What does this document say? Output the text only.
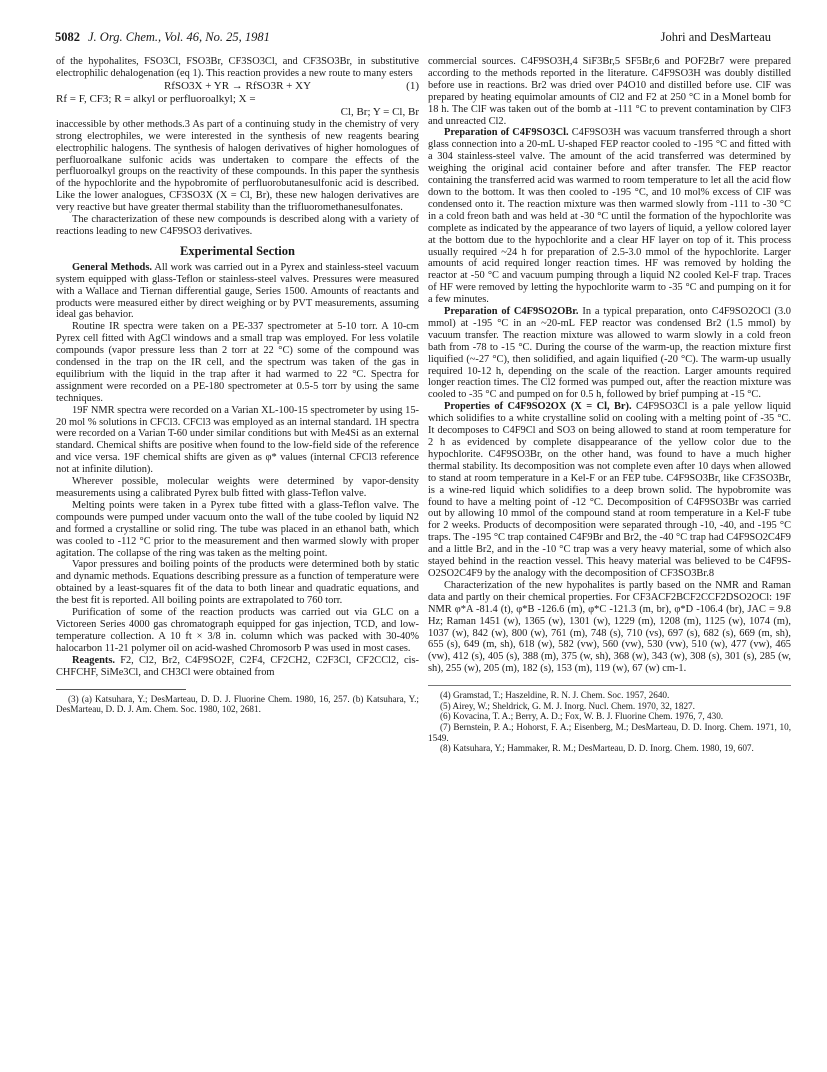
5082 J. Org. Chem., Vol. 46, No. 25, 1981	Johri and DesMarteau

of the hypohalites, FSO3Cl, FSO3Br, CF3SO3Cl, and CF3SO3Br, in substitutive electrophilic dehalogenation (eq 1). This reaction provides a new route to many esters

RfSO3X + YR → RfSO3R + XY	(1)

Rf = F, CF3; R = alkyl or perfluoroalkyl; X =

Cl, Br; Y = Cl, Br

inaccessible by other methods.3 As part of a continuing study in the chemistry of very strong electrophiles, we were interested in the synthesis of new reagents bearing electrophilic halogens. The synthesis of halogen derivatives of higher homologues of perfluoroalkane sulfonic acids was undertaken to compare the effects of the perfluoroalkyl groups on the reactivity of these compounds. In this paper the synthesis of the hypochlorite and the hypobromite of perfluorobutanesulfonic acid is described. Like the lower analogues, CF3SO3X (X = Cl, Br), these new halogen derivatives are very reactive but have greater thermal stability than the trifluoromethanesulfonates.

The characterization of these new compounds is described along with a variety of reactions leading to new C4F9SO3 derivatives.

Experimental Section

General Methods. All work was carried out in a Pyrex and stainless-steel vacuum system equipped with glass-Teflon or stainless-steel valves. Pressures were measured with a Wallace and Tiernan differential gauge, Series 1500. Amounts of reactants and products were measured either by direct weighing or by PVT measurements, assuming ideal gas behavior.

Routine IR spectra were taken on a PE-337 spectrometer at 5-10 torr. A 10-cm Pyrex cell fitted with AgCl windows and a small trap was employed. For less volatile compounds (vapor pressure less than 2 torr at 22 °C) some of the compound was condensed in the trap on the IR cell, and the spectrum was taken of the gas in equilibrium with the liquid in the trap after it had warmed to 22 °C. Spectra for assignment were recorded on a PE-180 spectrometer at 0.5-5 torr by using the same techniques.

19F NMR spectra were recorded on a Varian XL-100-15 spectrometer by using 15-20 mol % solutions in CFCl3. CFCl3 was employed as an internal standard. 1H spectra were recorded on a Varian T-60 under similar conditions but with Me4Si as an external standard. Chemical shifts are positive when found to the low-field side of the reference and vice versa. 19F chemical shifts are given as φ* values (internal CFCl3 reference not at infinite dilution).

Wherever possible, molecular weights were determined by vapor-density measurements using a calibrated Pyrex bulb fitted with glass-Teflon valve.

Melting points were taken in a Pyrex tube fitted with a glass-Teflon valve. The compounds were pumped under vacuum onto the wall of the tube cooled by liquid N2 and formed a crystalline or solid ring. The tube was placed in an ethanol bath, which was cooled to -112 °C prior to the measurement and then warmed slowly with proper agitation. The collapse of the ring was taken as the melting point.

Vapor pressures and boiling points of the products were determined both by static and dynamic methods. Equations describing pressure as a function of temperature were obtained by a least-squares fit of the data to both linear and quadratic equations, and the best fit is reported. All boiling points are extrapolated to 760 torr.

Purification of some of the reaction products was carried out via GLC on a Victoreen Series 4000 gas chromatograph equipped for gas injection, TCD, and low-temperature collection. A 10 ft × 3/8 in. column which was packed with 30-40% halocarbon 11-21 polymer oil on acid-washed Chromosorb P was used in most cases.

Reagents. F2, Cl2, Br2, C4F9SO2F, C2F4, CF2CH2, C2F3Cl, CF2CCl2, cis-CHFCHF, SiMe3Cl, and CH3Cl were obtained from

(3) (a) Katsuhara, Y.; DesMarteau, D. D. J. Fluorine Chem. 1980, 16, 257. (b) Katsuhara, Y.; DesMarteau, D. D. J. Am. Chem. Soc. 1980, 102, 2681.

commercial sources. C4F9SO3H,4 SiF3Br,5 SF5Br,6 and POF2Br7 were prepared according to the methods reported in the literature. C4F9SO3H was doubly distilled before use in reactions. Br2 was dried over P4O10 and distilled before use. ClF was prepared by heating equimolar amounts of Cl2 and F2 at 250 °C in a Monel bomb for 18 h. The ClF was taken out of the bomb at -111 °C to prevent contamination by ClF3 and unreacted Cl2.

Preparation of C4F9SO3Cl. C4F9SO3H was vacuum transferred through a short glass connection into a 20-mL U-shaped FEP reactor cooled to -195 °C and fitted with a 304 stainless-steel valve. The amount of the acid transferred was determined by weighing the original acid container before and after transfer. The FEP reactor containing the transferred acid was warmed to room temperature to let all the acid flow down to the bottom. It was then cooled to -195 °C, and 10 mol% excess of ClF was condensed onto it. The reaction mixture was then warmed slowly from -111 to -30 °C in a cold freon bath and was held at -30 °C until the formation of the hypochlorite was complete as indicated by the appearance of two layers of liquid, a yellow colored layer at the bottom due to the hypochlorite and a clear HF layer on top of it. This process usually required ~24 h for preparation of 2.5-3.0 mmol of the hypochlorite. Larger amounts of acid required longer reaction times. HF was removed by holding the reactor at -50 °C and vacuum pumping through a liquid N2 cooled Kel-F trap. Traces of HF were removed by letting the hypochlorite warm to -35 °C and pumping on it for a few minutes.

Preparation of C4F9SO2OBr. In a typical preparation, onto C4F9SO2OCl (3.0 mmol) at -195 °C in an ~20-mL FEP reactor was condensed Br2 (1.5 mmol) by vacuum transfer. The reaction mixture was allowed to warm slowly in a cold freon bath from -78 to -15 °C. During the course of the warm-up, the reaction mixture first liquified (~-27 °C), then solidified, and again liquified (-20 °C). The warm-up usually required 10-12 h, depending on the scale of the reaction. Larger amounts required longer reaction times. The Cl2 formed was pumped out, after the reaction mixture was cooled to -35 °C and pumped on for 0.5 h, followed by brief pumping at -15 °C.

Properties of C4F9SO2OX (X = Cl, Br). C4F9SO3Cl is a pale yellow liquid which solidifies to a white crystalline solid on cooling with a melting point of -35 °C. It decomposes to C4F9Cl and SO3 on being allowed to stand at room temperature for 2 h as evidenced by complete disappearance of the yellow color due to the hypochlorite. C4F9SO3Br, on the other hand, was found to have a much higher thermal stability. Its decomposition was not complete even after 10 days when allowed to stand at room temperature in a Kel-F or an FEP tube. C4F9SO3Br, like CF3SO3Br, is a wine-red liquid which solidifies to a deep brown solid. The hypobromite was found to have a melting point of -12 °C. Decomposition of C4F9SO3Br was carried out by allowing 10 mmol of the compound stand at room temperature in a Kel-F tube for 2 weeks. Products of decomposition were separated through -10, -40, and -195 °C traps. The -195 °C trap contained C4F9Br and Br2, the -40 °C trap had C4F9SO2C4F9 and a little Br2, and in the -10 °C trap was a very heavy material, some of which also stayed behind in the reaction vessel. This heavy material was believed to be C4F9S-O2SO2C4F9 by the analogy with the decomposition of CF3SO3Br.8

Characterization of the new hypohalites is partly based on the NMR and Raman data and partly on their chemical properties. For CF3ACF2BCF2CCF2DSO2OCl: 19F NMR φ*A -81.4 (t), φ*B -126.6 (m), φ*C -121.3 (m, br), φ*D -106.4 (br), JAC = 9.8 Hz; Raman 1451 (w), 1365 (w), 1301 (w), 1229 (m), 1208 (m), 1125 (w), 1074 (m), 1037 (w), 842 (w), 800 (w), 761 (m), 748 (s), 710 (vs), 697 (s), 682 (s), 669 (m, sh), 655 (s), 649 (m, sh), 618 (w), 582 (vw), 560 (vw), 530 (vw), 510 (w), 477 (vw), 465 (vw), 412 (s), 405 (s), 388 (m), 375 (w, sh), 368 (w), 343 (w), 308 (s), 301 (s), 285 (w, sh), 255 (w), 205 (m), 182 (s), 153 (m), 119 (w), 67 (w) cm-1.

(4) Gramstad, T.; Haszeldine, R. N. J. Chem. Soc. 1957, 2640.

(5) Airey, W.; Sheldrick, G. M. J. Inorg. Nucl. Chem. 1970, 32, 1827.

(6) Kovacina, T. A.; Berry, A. D.; Fox, W. B. J. Fluorine Chem. 1976, 7, 430.

(7) Bernstein, P. A.; Hohorst, F. A.; Eisenberg, M.; DesMarteau, D. D. Inorg. Chem. 1971, 10, 1549.

(8) Katsuhara, Y.; Hammaker, R. M.; DesMarteau, D. D. Inorg. Chem. 1980, 19, 607.
